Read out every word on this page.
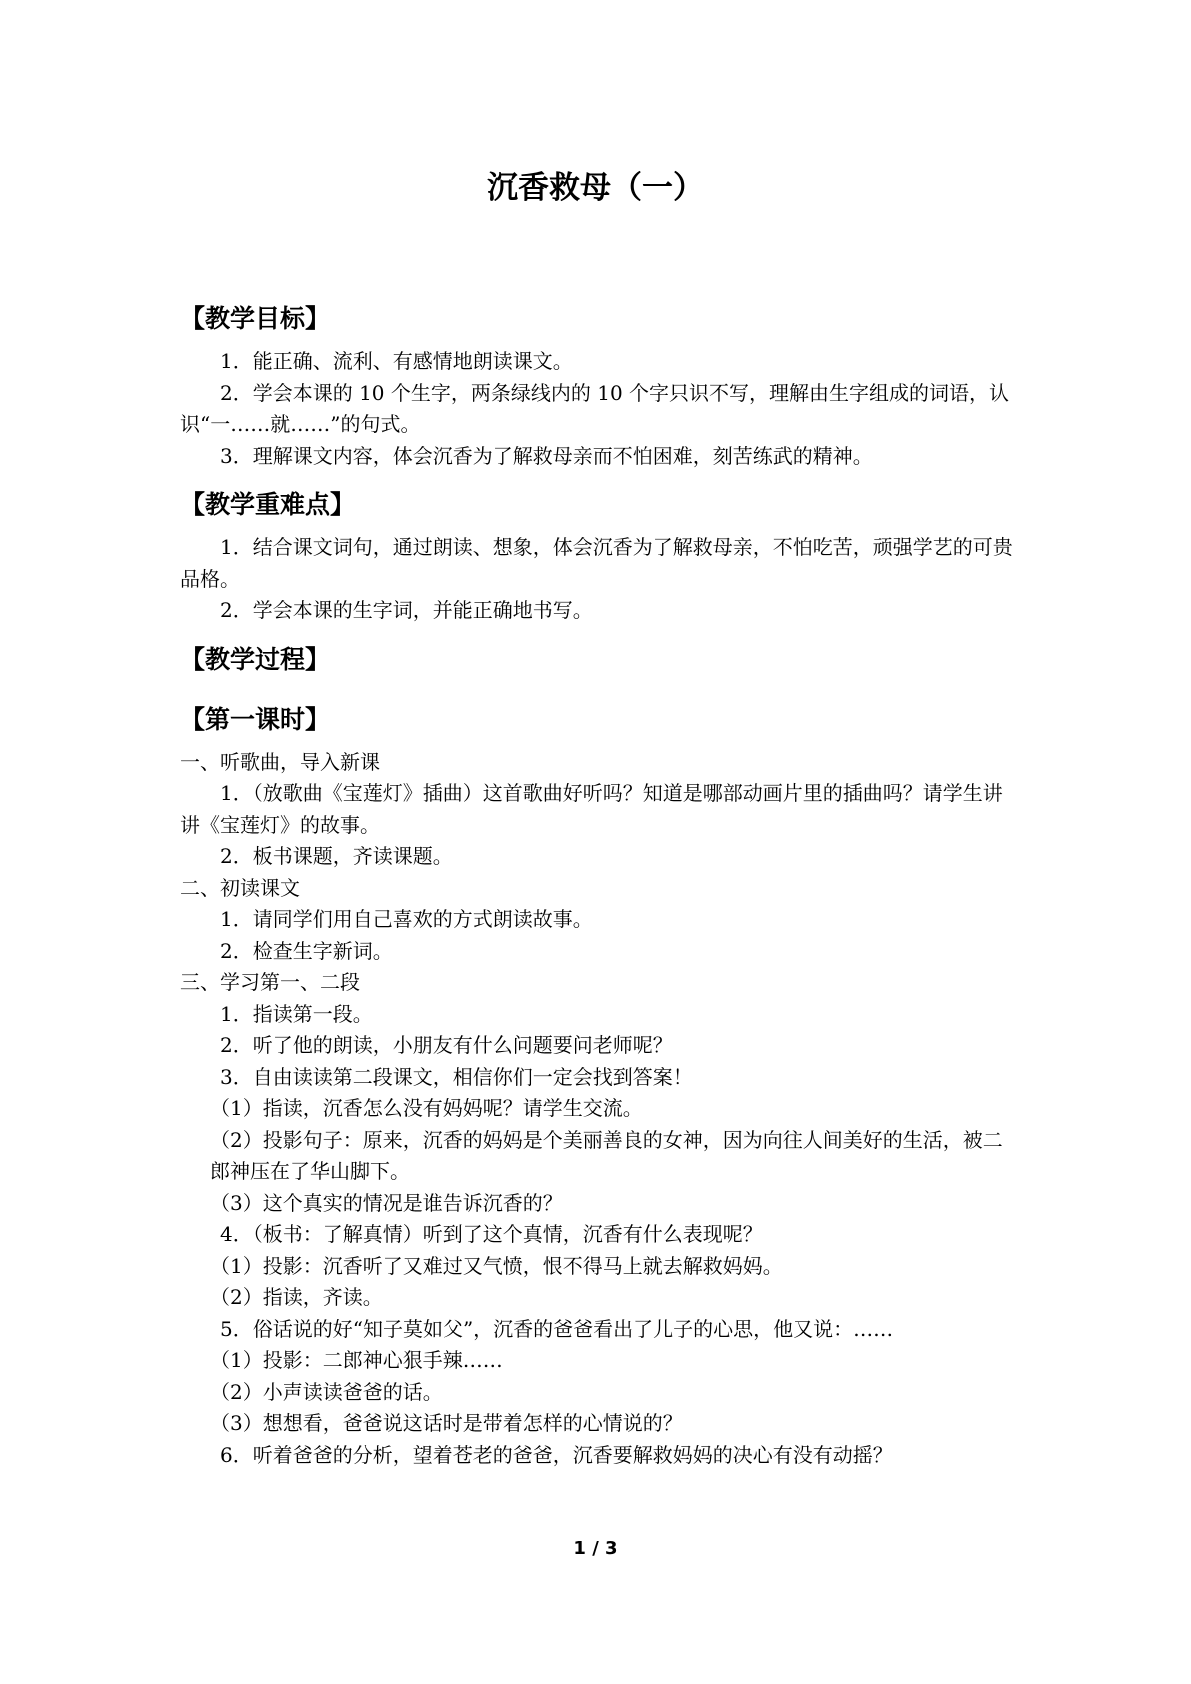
沉香救母（一）
【教学目标】

1．能正确、流利、有感情地朗读课文。

2．学会本课的 10 个生字，两条绿线内的 10 个字只识不写，理解由生字组成的词语，认识“一……就……”的句式。

3．理解课文内容，体会沉香为了解救母亲而不怕困难，刻苦练武的精神。

【教学重难点】

1．结合课文词句，通过朗读、想象，体会沉香为了解救母亲，不怕吃苦，顽强学艺的可贵品格。

2．学会本课的生字词，并能正确地书写。

【教学过程】
【第一课时】

一、听歌曲，导入新课

1．（放歌曲《宝莲灯》插曲）这首歌曲好听吗？知道是哪部动画片里的插曲吗？请学生讲讲《宝莲灯》的故事。

2．板书课题，齐读课题。

二、初读课文

1．请同学们用自己喜欢的方式朗读故事。

2．检查生字新词。

三、学习第一、二段

1．指读第一段。

2．听了他的朗读，小朋友有什么问题要问老师呢？

3．自由读读第二段课文，相信你们一定会找到答案！

（1）指读，沉香怎么没有妈妈呢？请学生交流。

（2）投影句子：原来，沉香的妈妈是个美丽善良的女神，因为向往人间美好的生活，被二郎神压在了华山脚下。

（3）这个真实的情况是谁告诉沉香的？

4．（板书：了解真情）听到了这个真情，沉香有什么表现呢？

（1）投影：沉香听了又难过又气愤，恨不得马上就去解救妈妈。

（2）指读，齐读。

5．俗话说的好“知子莫如父”，沉香的爸爸看出了儿子的心思，他又说：……

（1）投影：二郎神心狠手辣……

（2）小声读读爸爸的话。

（3）想想看，爸爸说这话时是带着怎样的心情说的？

6．听着爸爸的分析，望着苍老的爸爸，沉香要解救妈妈的决心有没有动摇？

1 / 3
